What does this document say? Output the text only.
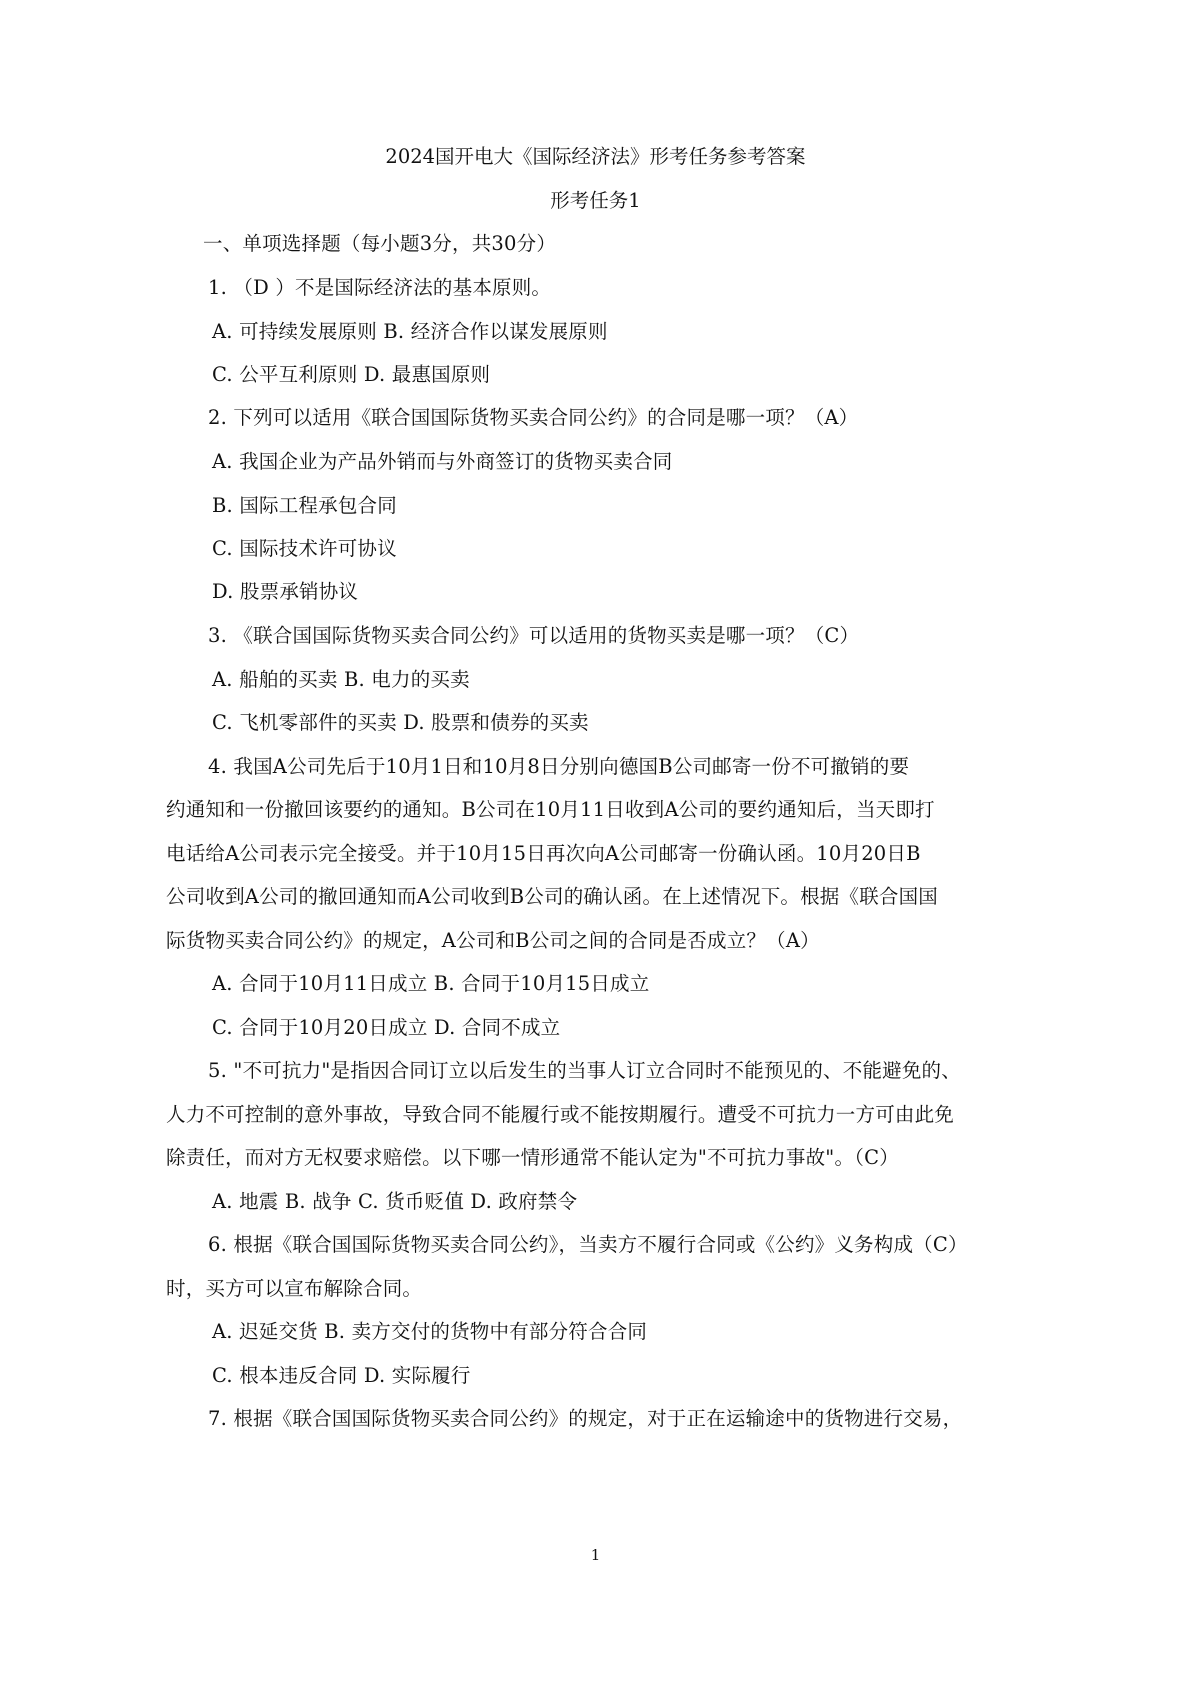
2024国开电大《国际经济法》形考任务参考答案
形考任务1
一、单项选择题（每小题3分，共30分）
1. （D ）不是国际经济法的基本原则。
A. 可持续发展原则 B. 经济合作以谋发展原则
C. 公平互利原则 D. 最惠国原则
2. 下列可以适用《联合国国际货物买卖合同公约》的合同是哪一项？（A）
A. 我国企业为产品外销而与外商签订的货物买卖合同
B. 国际工程承包合同
C. 国际技术许可协议
D. 股票承销协议
3. 《联合国国际货物买卖合同公约》可以适用的货物买卖是哪一项？（C）
A. 船舶的买卖 B. 电力的买卖
C. 飞机零部件的买卖 D. 股票和债券的买卖
4. 我国A公司先后于10月1日和10月8日分别向德国B公司邮寄一份不可撤销的要
约通知和一份撤回该要约的通知。B公司在10月11日收到A公司的要约通知后，当天即打
电话给A公司表示完全接受。并于10月15日再次向A公司邮寄一份确认函。10月20日B
公司收到A公司的撤回通知而A公司收到B公司的确认函。在上述情况下。根据《联合国国
际货物买卖合同公约》的规定，A公司和B公司之间的合同是否成立？（A）
A. 合同于10月11日成立 B. 合同于10月15日成立
C. 合同于10月20日成立 D. 合同不成立
5. "不可抗力"是指因合同订立以后发生的当事人订立合同时不能预见的、不能避免的、
人力不可控制的意外事故，导致合同不能履行或不能按期履行。遭受不可抗力一方可由此免
除责任，而对方无权要求赔偿。以下哪一情形通常不能认定为"不可抗力事故"。（C）
A. 地震 B. 战争 C. 货币贬值 D. 政府禁令
6. 根据《联合国国际货物买卖合同公约》，当卖方不履行合同或《公约》义务构成（C）
时，买方可以宣布解除合同。
A. 迟延交货 B. 卖方交付的货物中有部分符合合同
C. 根本违反合同 D. 实际履行
7. 根据《联合国国际货物买卖合同公约》的规定，对于正在运输途中的货物进行交易，
1
